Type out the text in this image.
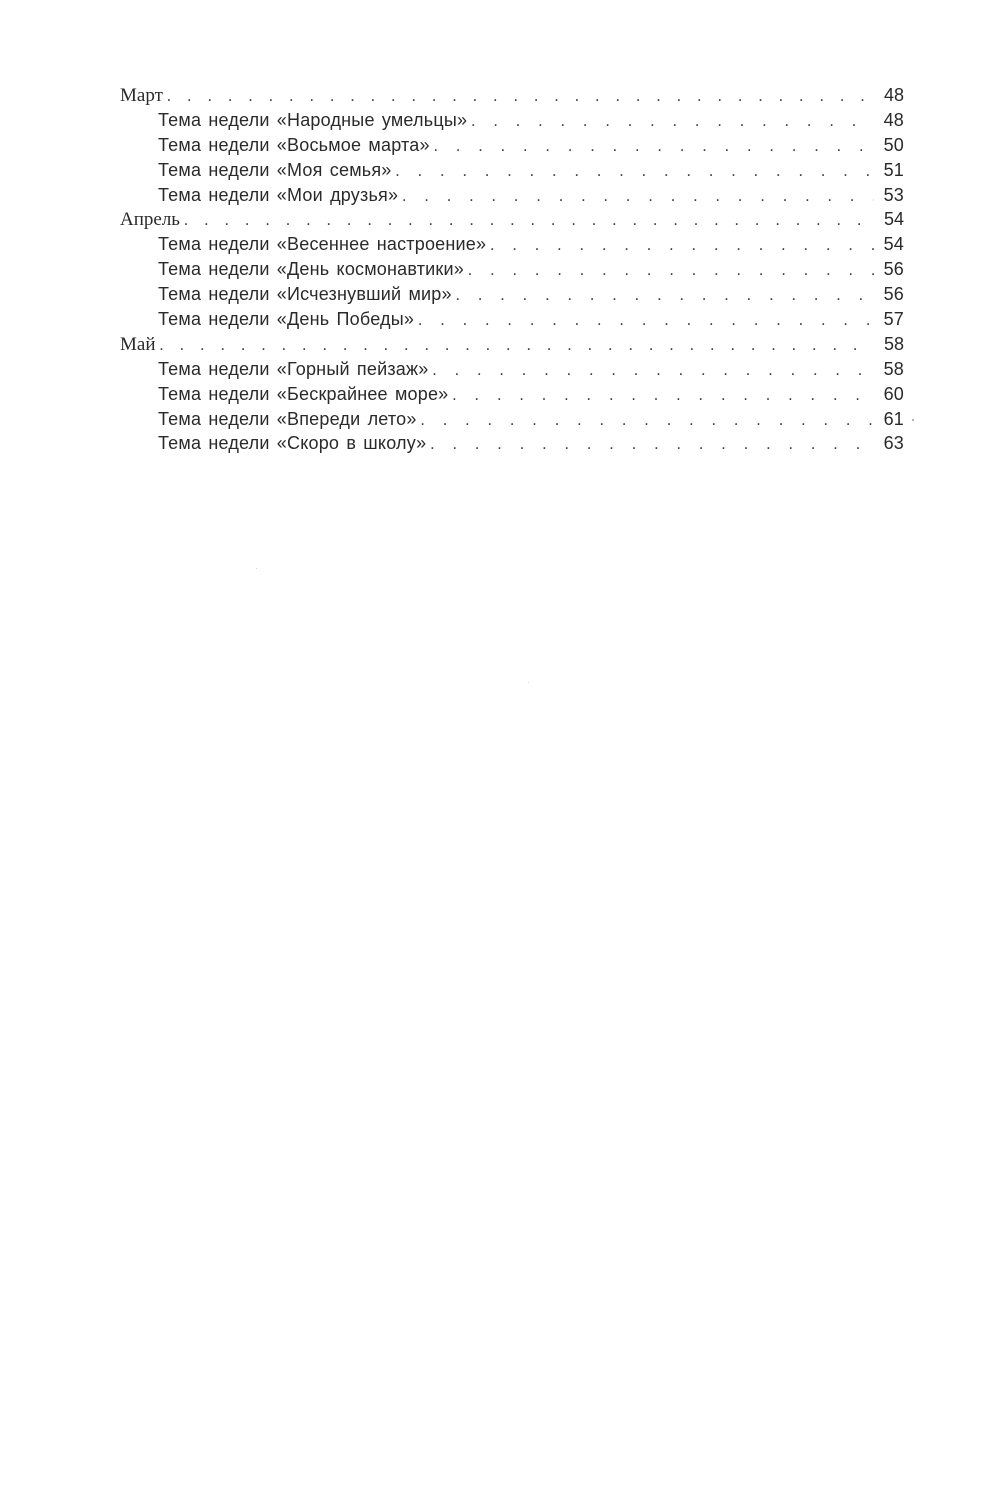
Март . . .	48
Тема недели «Народные умельцы» . . .	48
Тема недели «Восьмое марта» . . .	50
Тема недели «Моя семья» . . .	51
Тема недели «Мои друзья» . . .	53
Апрель . . .	54
Тема недели «Весеннее настроение» . . .	54
Тема недели «День космонавтики» . . .	56
Тема недели «Исчезнувший мир» . . .	56
Тема недели «День Победы» . . .	57
Май . . .	58
Тема недели «Горный пейзаж» . . .	58
Тема недели «Бескрайнее море» . . .	60
Тема недели «Впереди лето» . . .	61
Тема недели «Скоро в школу» . . .	63
